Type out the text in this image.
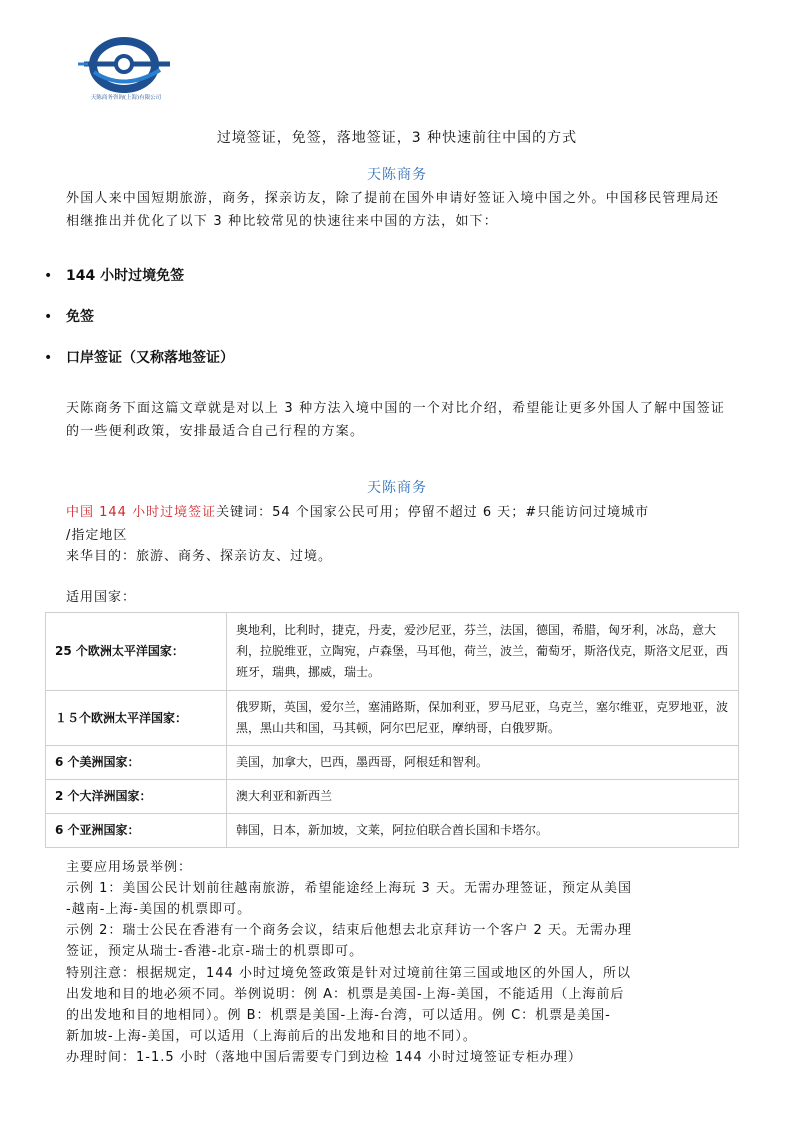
天陈商务咨询(上海)有限公司
过境签证，免签，落地签证，3 种快速前往中国的方式
天陈商务
外国人来中国短期旅游，商务，探亲访友，除了提前在国外申请好签证入境中国之外。中国移民管理局还相继推出并优化了以下 3 种比较常见的快速往来中国的方法，如下：
• 144 小时过境免签
• 免签
• 口岸签证（又称落地签证）
天陈商务下面这篇文章就是对以上 3 种方法入境中国的一个对比介绍，希望能让更多外国人了解中国签证的一些便利政策，安排最适合自己行程的方案。
天陈商务
中国 144 小时过境签证关键词：54 个国家公民可用；停留不超过 6 天；#只能访问过境城市
/指定地区
来华目的：旅游、商务、探亲访友、过境。
适用国家：
25 个欧洲太平洋国家：	奥地利，比利时，捷克，丹麦，爱沙尼亚，芬兰，法国，德国，希腊，匈牙利，冰岛，意大利，拉脱维亚，立陶宛，卢森堡，马耳他，荷兰，波兰，葡萄牙，斯洛伐克，斯洛文尼亚，西班牙，瑞典，挪威，瑞士。
１５个欧洲太平洋国家：	俄罗斯，英国，爱尔兰，塞浦路斯，保加利亚，罗马尼亚，乌克兰，塞尔维亚，克罗地亚，波黑，黑山共和国，马其顿，阿尔巴尼亚，摩纳哥，白俄罗斯。
6 个美洲国家：	美国，加拿大，巴西，墨西哥，阿根廷和智利。
2 个大洋洲国家：	澳大利亚和新西兰
6 个亚洲国家：	韩国，日本，新加坡，文莱，阿拉伯联合酋长国和卡塔尔。
主要应用场景举例：
示例 1：美国公民计划前往越南旅游，希望能途经上海玩 3 天。无需办理签证，预定从美国
-越南-上海-美国的机票即可。
示例 2：瑞士公民在香港有一个商务会议，结束后他想去北京拜访一个客户 2 天。无需办理
签证，预定从瑞士-香港-北京-瑞士的机票即可。
特别注意：根据规定，144 小时过境免签政策是针对过境前往第三国或地区的外国人，所以
出发地和目的地必须不同。举例说明：例 A：机票是美国-上海-美国，不能适用（上海前后
的出发地和目的地相同）。例 B：机票是美国-上海-台湾，可以适用。例 C：机票是美国-
新加坡-上海-美国，可以适用（上海前后的出发地和目的地不同）。
办理时间：1-1.5 小时（落地中国后需要专门到边检 144 小时过境签证专柜办理）
